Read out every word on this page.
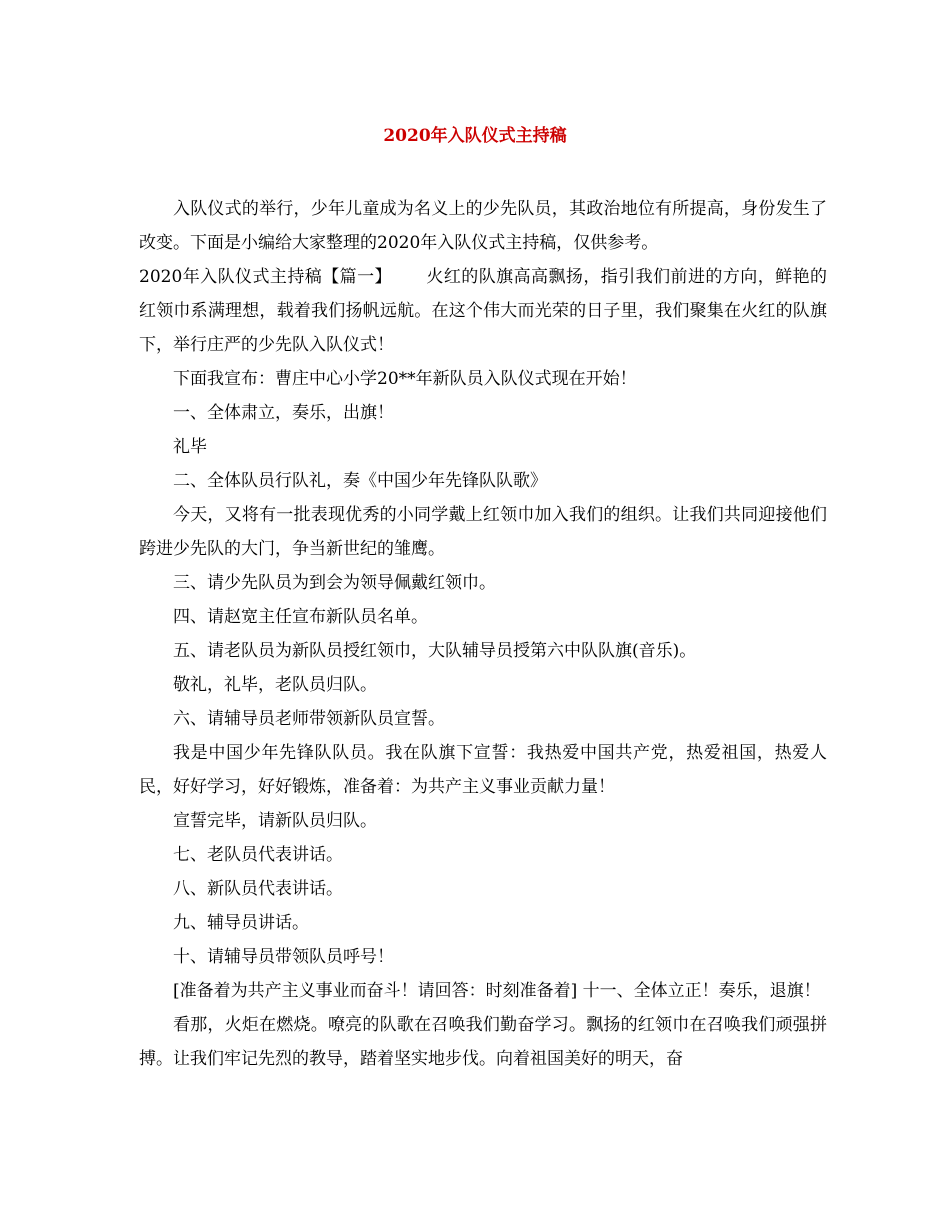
2020年入队仪式主持稿

入队仪式的举行，少年儿童成为名义上的少先队员，其政治地位有所提高，身份发生了改变。下面是小编给大家整理的2020年入队仪式主持稿，仅供参考。

2020年入队仪式主持稿【篇一】 火红的队旗高高飘扬，指引我们前进的方向，鲜艳的红领巾系满理想，载着我们扬帆远航。在这个伟大而光荣的日子里，我们聚集在火红的队旗下，举行庄严的少先队入队仪式！

下面我宣布：曹庄中心小学20**年新队员入队仪式现在开始！

一、全体肃立，奏乐，出旗！

礼毕

二、全体队员行队礼，奏《中国少年先锋队队歌》

今天，又将有一批表现优秀的小同学戴上红领巾加入我们的组织。让我们共同迎接他们跨进少先队的大门，争当新世纪的雏鹰。

三、请少先队员为到会为领导佩戴红领巾。

四、请赵宽主任宣布新队员名单。

五、请老队员为新队员授红领巾，大队辅导员授第六中队队旗(音乐)。

敬礼，礼毕，老队员归队。

六、请辅导员老师带领新队员宣誓。

我是中国少年先锋队队员。我在队旗下宣誓：我热爱中国共产党，热爱祖国，热爱人民，好好学习，好好锻炼，准备着：为共产主义事业贡献力量！

宣誓完毕，请新队员归队。

七、老队员代表讲话。

八、新队员代表讲话。

九、辅导员讲话。

十、请辅导员带领队员呼号！

[准备着为共产主义事业而奋斗！请回答：时刻准备着] 十一、全体立正！奏乐，退旗！

看那，火炬在燃烧。嘹亮的队歌在召唤我们勤奋学习。飘扬的红领巾在召唤我们顽强拼搏。让我们牢记先烈的教导，踏着坚实地步伐。向着祖国美好的明天，奋
